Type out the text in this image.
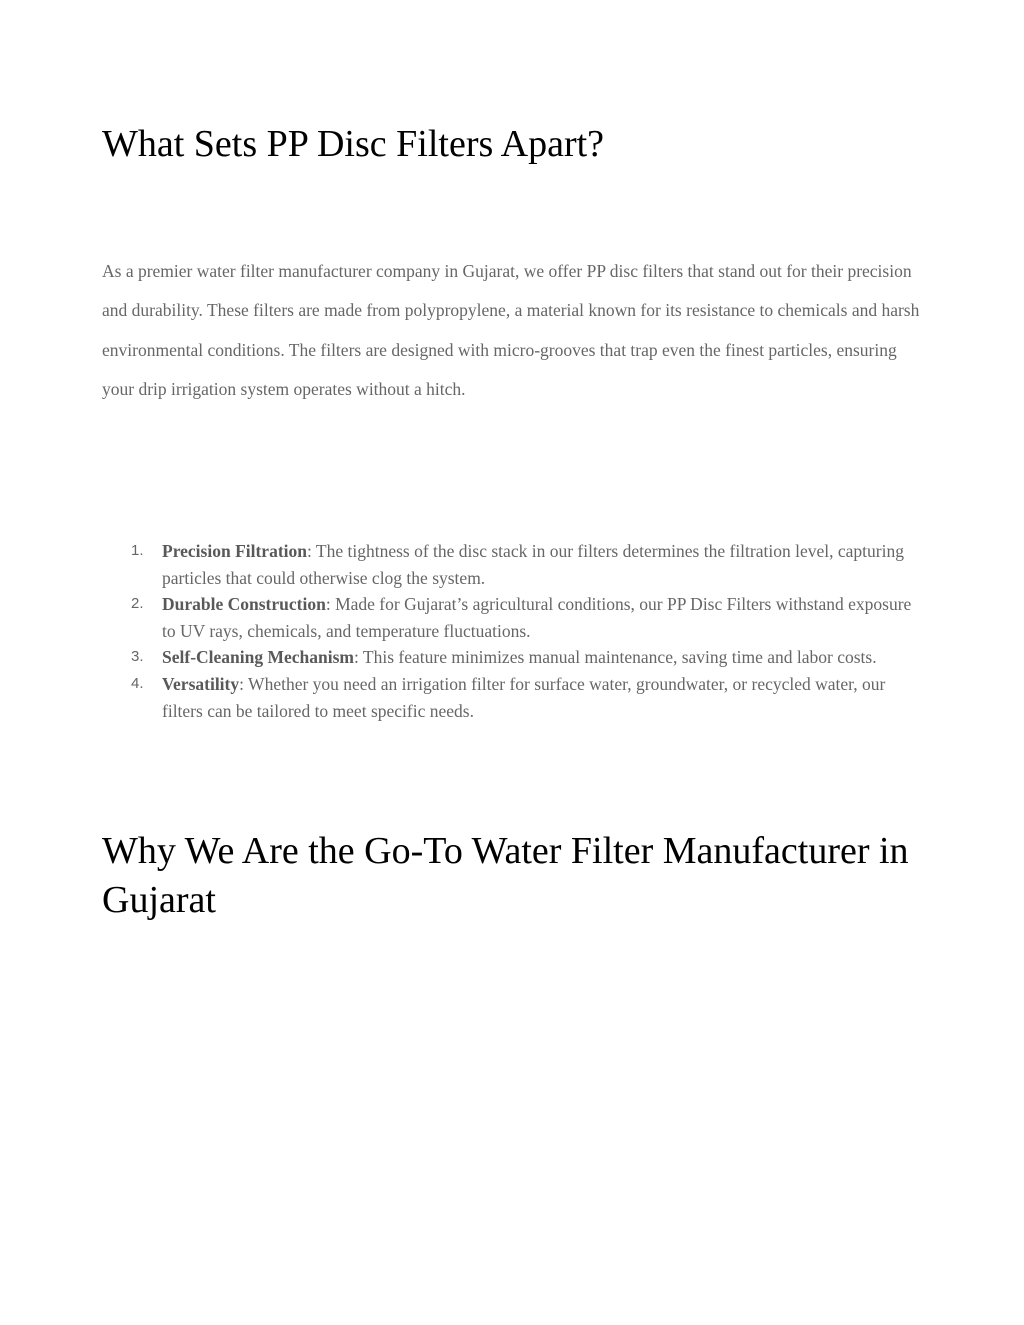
What Sets PP Disc Filters Apart?

As a premier water filter manufacturer company in Gujarat, we offer PP disc filters that stand out for their precision and durability. These filters are made from polypropylene, a material known for its resistance to chemicals and harsh environmental conditions. The filters are designed with micro-grooves that trap even the finest particles, ensuring your drip irrigation system operates without a hitch.

1. Precision Filtration: The tightness of the disc stack in our filters determines the filtration level, capturing particles that could otherwise clog the system.
2. Durable Construction: Made for Gujarat’s agricultural conditions, our PP Disc Filters withstand exposure to UV rays, chemicals, and temperature fluctuations.
3. Self-Cleaning Mechanism: This feature minimizes manual maintenance, saving time and labor costs.
4. Versatility: Whether you need an irrigation filter for surface water, groundwater, or recycled water, our filters can be tailored to meet specific needs.
Why We Are the Go-To Water Filter Manufacturer in Gujarat
